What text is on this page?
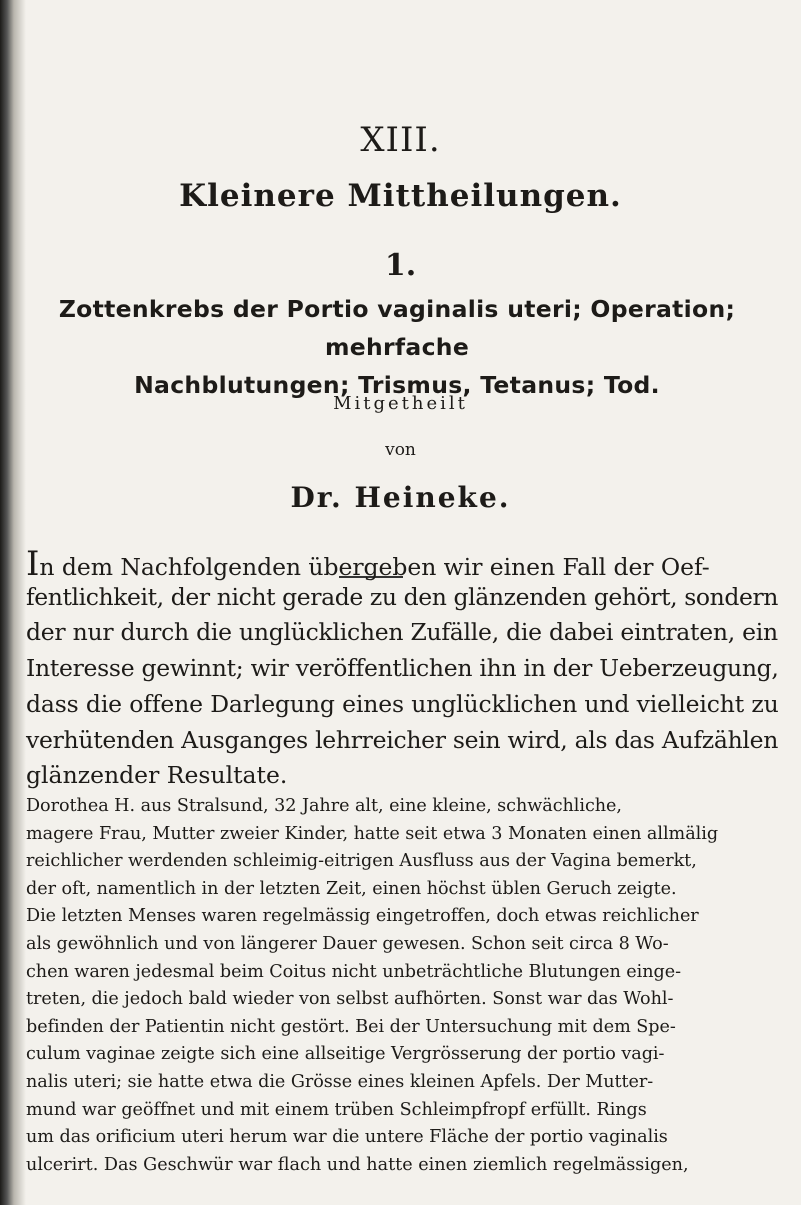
XIII.
Kleinere Mittheilungen.
1.
Zottenkrebs der Portio vaginalis uteri; Operation; mehrfache
Nachblutungen; Trismus, Tetanus; Tod.
Mitgetheilt
von
Dr. Heineke.
In dem Nachfolgenden übergeben wir einen Fall der Oef-
fentlichkeit, der nicht gerade zu den glänzenden gehört, sondern
der nur durch die unglücklichen Zufälle, die dabei eintraten, ein
Interesse gewinnt; wir veröffentlichen ihn in der Ueberzeugung,
dass die offene Darlegung eines unglücklichen und vielleicht zu
verhütenden Ausganges lehrreicher sein wird, als das Aufzählen
glänzender Resultate.
Dorothea H. aus Stralsund, 32 Jahre alt, eine kleine, schwächliche,
magere Frau, Mutter zweier Kinder, hatte seit etwa 3 Monaten einen allmälig
reichlicher werdenden schleimig-eitrigen Ausfluss aus der Vagina bemerkt,
der oft, namentlich in der letzten Zeit, einen höchst üblen Geruch zeigte.
Die letzten Menses waren regelmässig eingetroffen, doch etwas reichlicher
als gewöhnlich und von längerer Dauer gewesen. Schon seit circa 8 Wo-
chen waren jedesmal beim Coitus nicht unbeträchtliche Blutungen einge-
treten, die jedoch bald wieder von selbst aufhörten. Sonst war das Wohl-
befinden der Patientin nicht gestört. Bei der Untersuchung mit dem Spe-
culum vaginae zeigte sich eine allseitige Vergrösserung der portio vagi-
nalis uteri; sie hatte etwa die Grösse eines kleinen Apfels. Der Mutter-
mund war geöffnet und mit einem trüben Schleimpfropf erfüllt. Rings
um das orificium uteri herum war die untere Fläche der portio vaginalis
ulcerirt. Das Geschwür war flach und hatte einen ziemlich regelmässigen,
